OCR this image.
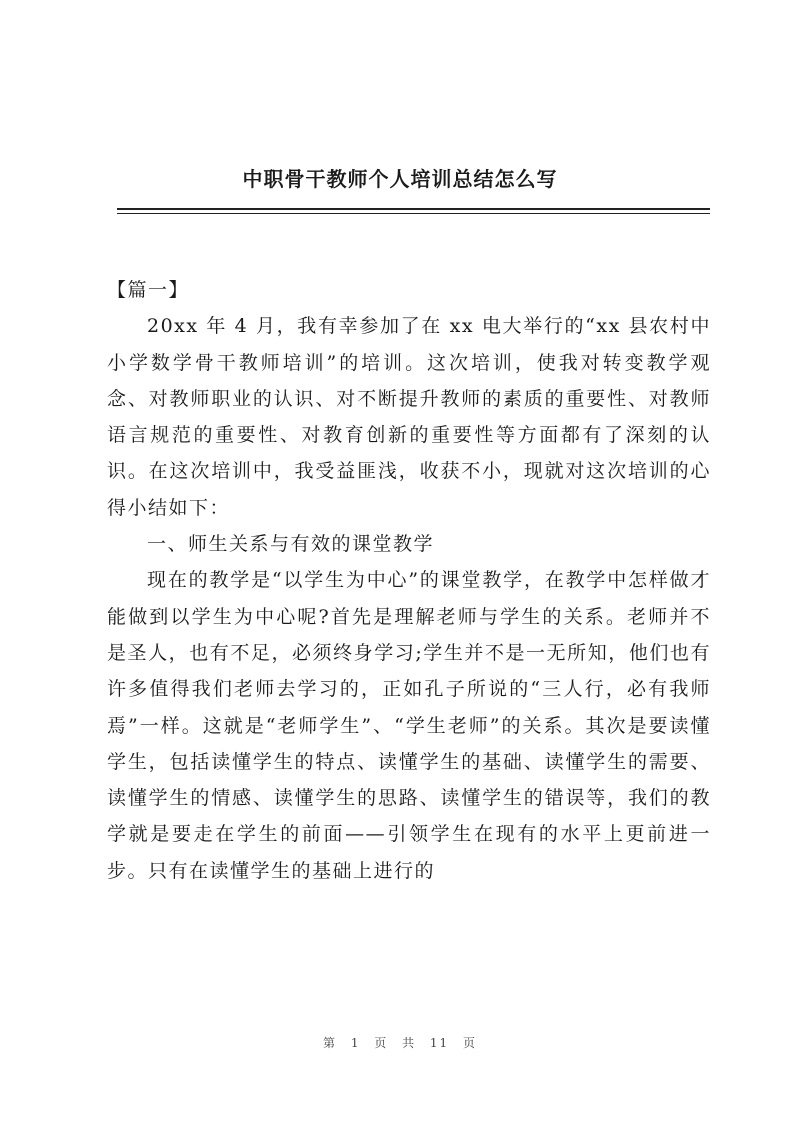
中职骨干教师个人培训总结怎么写

【篇一】

20xx 年 4 月，我有幸参加了在 xx 电大举行的“xx 县农村中小学数学骨干教师培训”的培训。这次培训，使我对转变教学观念、对教师职业的认识、对不断提升教师的素质的重要性、对教师语言规范的重要性、对教育创新的重要性等方面都有了深刻的认识。在这次培训中，我受益匪浅，收获不小，现就对这次培训的心得小结如下：

一、师生关系与有效的课堂教学

现在的教学是“以学生为中心”的课堂教学，在教学中怎样做才能做到以学生为中心呢?首先是理解老师与学生的关系。老师并不是圣人，也有不足，必须终身学习;学生并不是一无所知，他们也有许多值得我们老师去学习的，正如孔子所说的“三人行，必有我师焉”一样。这就是“老师学生”、“学生老师”的关系。其次是要读懂学生，包括读懂学生的特点、读懂学生的基础、读懂学生的需要、读懂学生的情感、读懂学生的思路、读懂学生的错误等，我们的教学就是要走在学生的前面——引领学生在现有的水平上更前进一步。只有在读懂学生的基础上进行的

第 1 页 共 11 页
